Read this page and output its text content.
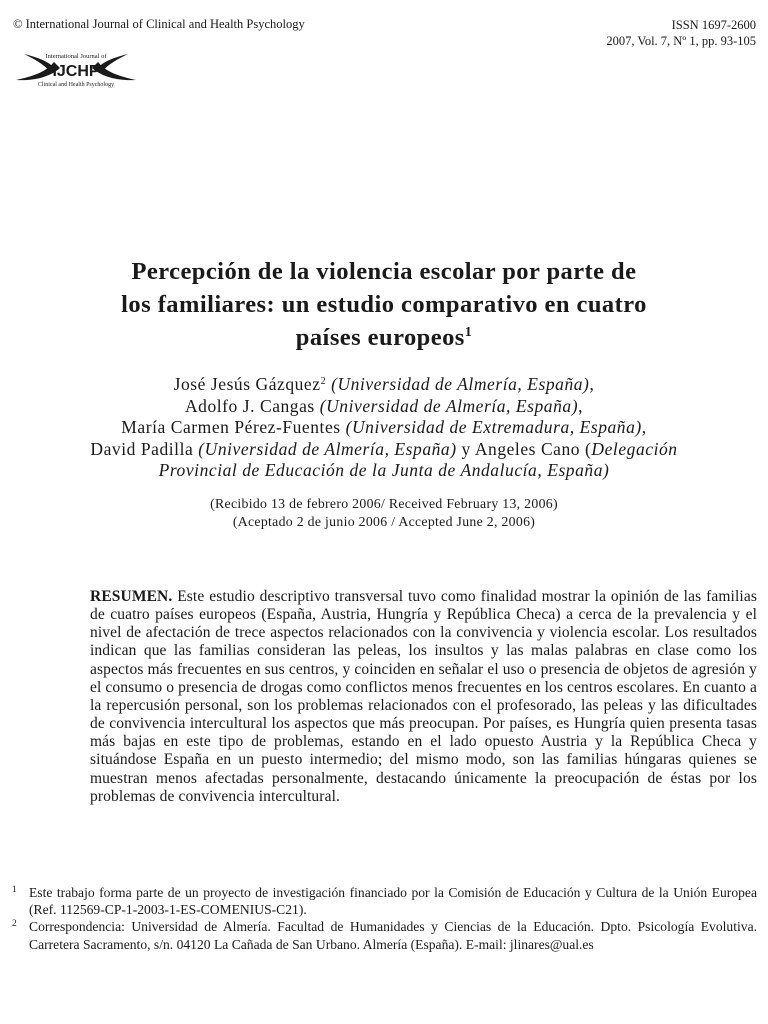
© International Journal of Clinical and Health Psychology	ISSN 1697-2600
2007, Vol. 7, Nº 1, pp. 93-105
International Journal of
IJCHP
Clinical and Health Psychology
Percepción de la violencia escolar por parte de
los familiares: un estudio comparativo en cuatro
países europeos$^1$
José Jesús Gázquez$^2$ (Universidad de Almería, España),
Adolfo J. Cangas (Universidad de Almería, España),
María Carmen Pérez-Fuentes (Universidad de Extremadura, España),
David Padilla (Universidad de Almería, España) y Angeles Cano (Delegación
Provincial de Educación de la Junta de Andalucía, España)
(Recibido 13 de febrero 2006/ Received February 13, 2006)
(Aceptado 2 de junio 2006 / Accepted June 2, 2006)

RESUMEN. Este estudio descriptivo transversal tuvo como finalidad mostrar la opinión de las familias de cuatro países europeos (España, Austria, Hungría y República Checa) a cerca de la prevalencia y el nivel de afectación de trece aspectos relacionados con la convivencia y violencia escolar. Los resultados indican que las familias consideran las peleas, los insultos y las malas palabras en clase como los aspectos más frecuentes en sus centros, y coinciden en señalar el uso o presencia de objetos de agresión y el consumo o presencia de drogas como conflictos menos frecuentes en los centros escolares. En cuanto a la repercusión personal, son los problemas relacionados con el profesorado, las peleas y las dificultades de convivencia intercultural los aspectos que más preocupan. Por países, es Hungría quien presenta tasas más bajas en este tipo de problemas, estando en el lado opuesto Austria y la República Checa y situándose España en un puesto intermedio; del mismo modo, son las familias húngaras quienes se muestran menos afectadas personalmente, destacando únicamente la preocupación de éstas por los problemas de convivencia intercultural.

1 Este trabajo forma parte de un proyecto de investigación financiado por la Comisión de Educación y Cultura de la Unión Europea (Ref. 112569-CP-1-2003-1-ES-COMENIUS-C21).
2 Correspondencia: Universidad de Almería. Facultad de Humanidades y Ciencias de la Educación. Dpto. Psicología Evolutiva. Carretera Sacramento, s/n. 04120 La Cañada de San Urbano. Almería (España). E-mail: jlinares@ual.es
